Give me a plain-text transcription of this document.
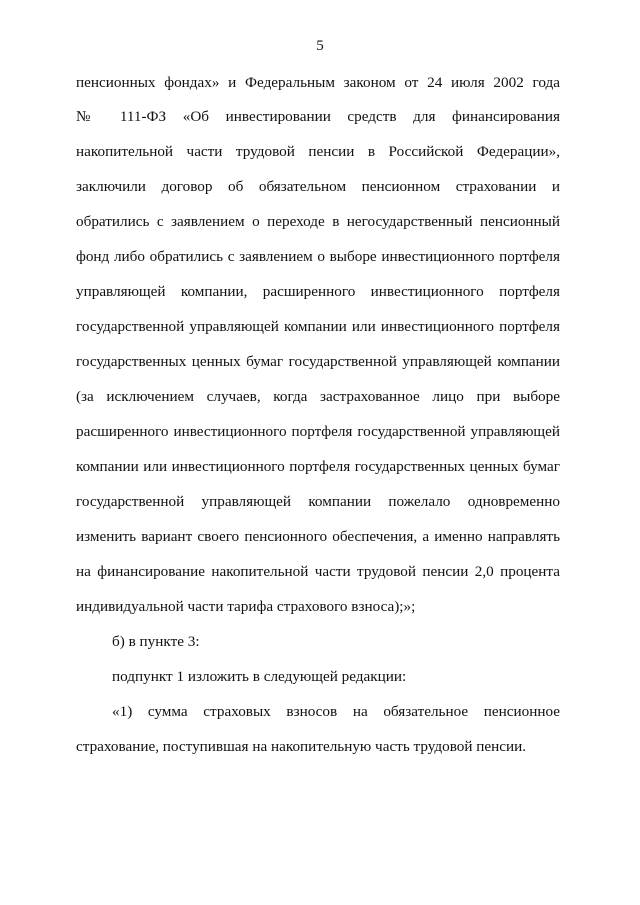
5
пенсионных фондах» и Федеральным законом от 24 июля 2002 года
№ 111-ФЗ «Об инвестировании средств для финансирования
накопительной части трудовой пенсии в Российской Федерации»,
заключили договор об обязательном пенсионном страховании и
обратились с заявлением о переходе в негосударственный пенсионный
фонд либо обратились с заявлением о выборе инвестиционного портфеля
управляющей компании, расширенного инвестиционного портфеля
государственной управляющей компании или инвестиционного портфеля
государственных ценных бумаг государственной управляющей компании
(за исключением случаев, когда застрахованное лицо при выборе
расширенного инвестиционного портфеля государственной управляющей
компании или инвестиционного портфеля государственных ценных бумаг
государственной управляющей компании пожелало одновременно
изменить вариант своего пенсионного обеспечения, а именно направлять
на финансирование накопительной части трудовой пенсии 2,0 процента
индивидуальной части тарифа страхового взноса);»;
б) в пункте 3:
подпункт 1 изложить в следующей редакции:
«1) сумма страховых взносов на обязательное пенсионное
страхование, поступившая на накопительную часть трудовой пенсии.
